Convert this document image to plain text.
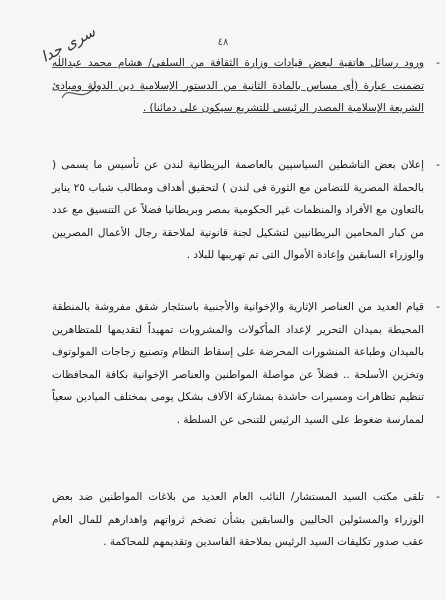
٤٨
سرى جدا	-
ورود رسائل هاتفية لبعض قيادات وزارة الثقافة من السلفى/ هشام محمد عبدالله تضمنت عبارة (أى مساس بالمادة الثانية من الدستور الإسلامية دين الدولة ومبادئ الشريعة الإسلامية المصدر الرئيسى للتشريع سيكون على دمائنا) .
-
إعلان بعض الناشطين السياسيين بالعاصمة البريطانية لندن عن تأسيس ما يسمى ( بالحملة المصرية للتضامن مع الثورة فى لندن ) لتحقيق أهداف ومطالب شباب ٢٥ يناير بالتعاون مع الأفراد والمنظمات غير الحكومية بمصر وبريطانيا فضلاً عن التنسيق مع عدد من كبار المحامين البريطانيين لتشكيل لجنة قانونية لملاحقة رجال الأعمال المصريين والوزراء السابقين وإعادة الأموال التى تم تهريبها للبلاد .
-
قيام العديد من العناصر الإثارية والإخوانية والأجنبية باستئجار شقق مفروشة بالمنطقة المحيطة بميدان التحرير لإعداد المأكولات والمشروبات تمهيداً لتقديمها للمتظاهرين بالميدان وطباعة المنشورات المحرضة على إسقاط النظام وتصنيع زجاجات المولوتوف وتخزين الأسلحة .. فضلاً عن مواصلة المواطنين والعناصر الإخوانية بكافة المحافظات تنظيم تظاهرات ومسيرات حاشدة بمشاركة الآلاف بشكل يومى بمختلف الميادين سعياً لممارسة ضغوط على السيد الرئيس للتنحى عن السلطة .
-
تلقى مكتب السيد المستشار/ النائب العام العديد من بلاغات المواطنين ضد بعض الوزراء والمسئولين الحاليين والسابقين بشأن تضخم ثرواتهم واهدارهم للمال العام عقب صدور تكليفات السيد الرئيس بملاحقة الفاسدين وتقديمهم للمحاكمة .
